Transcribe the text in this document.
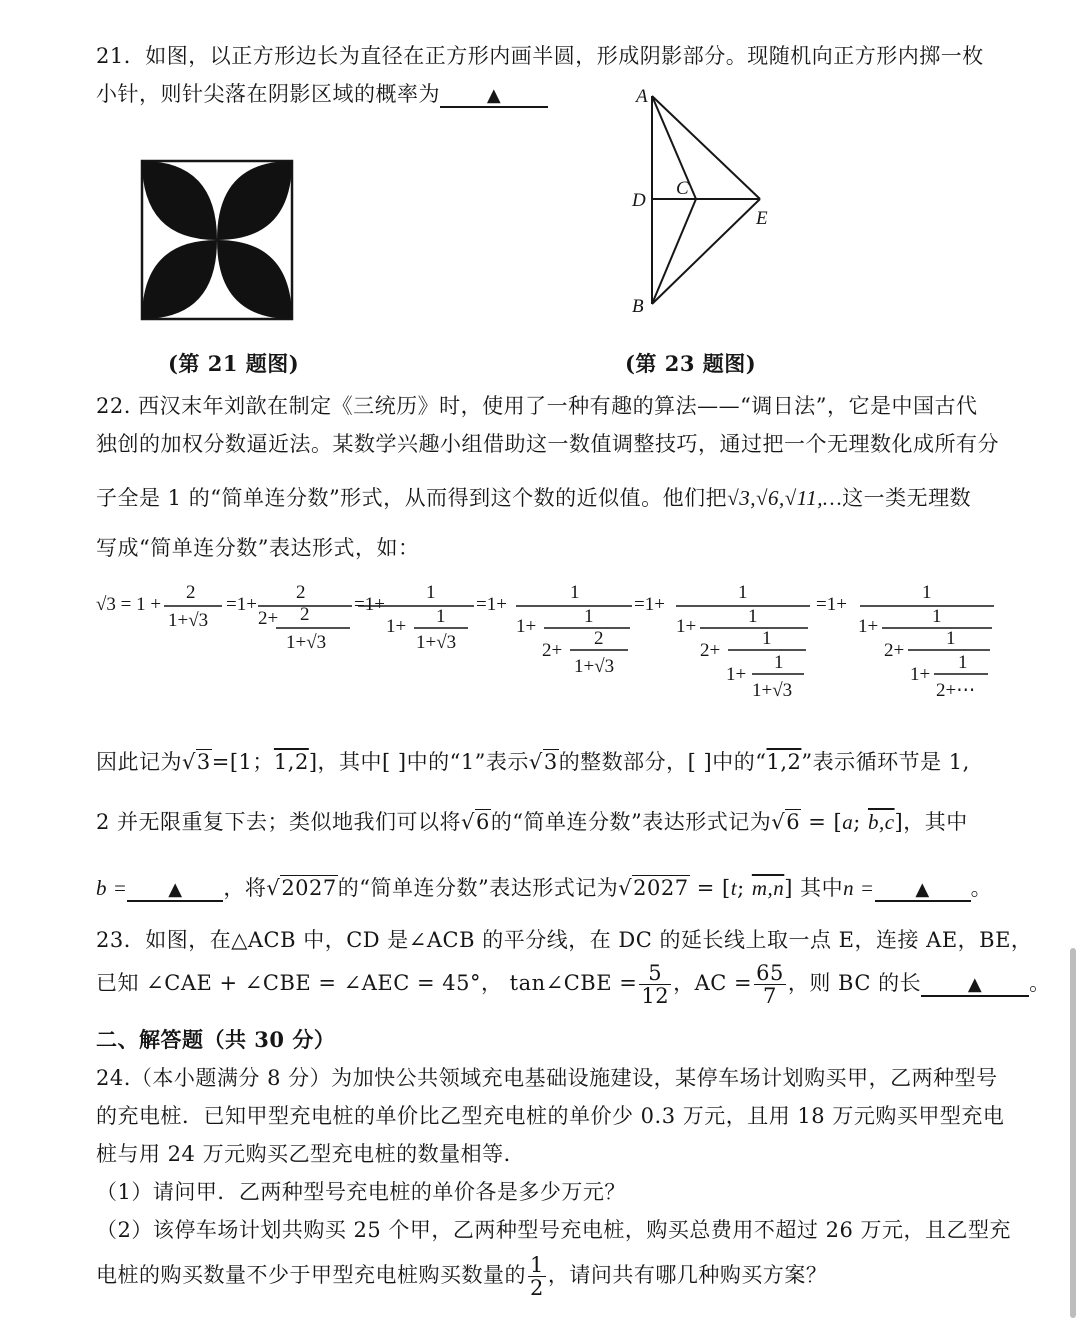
21．如图，以正方形边长为直径在正方形内画半圆，形成阴影部分。现随机向正方形内掷一枚
小针，则针尖落在阴影区域的概率为	▲
(第 21 题图)
A
D
C
E
B
(第 23 题图)
22. 西汉末年刘歆在制定《三统历》时，使用了一种有趣的算法——“调日法”，它是中国古代
独创的加权分数逼近法。某数学兴趣小组借助这一数值调整技巧，通过把一个无理数化成所有分
子全是 1 的“简单连分数”形式，从而得到这个数的近似值。他们把√3,√6,√11,…这一类无理数
写成“简单连分数”表达形式，如：
√3 = 1 +
2
1+√3
=1+
2
2+ 2
1+√3
=1+
1
1+ 1
1+√3
=1+
1
1+	1
2+
2
1+√3
=1+
1
1+	1
2+
1
1+
1
1+√3
=1+
1
1+	1
2+
1
1+
1
2+⋯
因此记为√3=[1；1,2]，其中[ ]中的“1”表示√3的整数部分，[ ]中的“1,2”表示循环节是 1,
2 并无限重复下去；类似地我们可以将√6的“简单连分数”表达形式记为√6 = [a; b,c]，其中
b = ▲ ，将√2027的“简单连分数”表达形式记为√2027 = [t; m,n] 其中n = ▲ 。
23．如图，在△ACB 中，CD 是∠ACB 的平分线，在 DC 的延长线上取一点 E，连接 AE，BE，
已知 ∠CAE + ∠CBE = ∠AEC = 45°， tan∠CBE = $\frac{5}{12}$ ，AC = $\frac{65}{7}$ ，则 BC 的长	▲ 。
二、解答题（共 30 分）
24.（本小题满分 8 分）为加快公共领域充电基础设施建设，某停车场计划购买甲，乙两种型号
的充电桩．已知甲型充电桩的单价比乙型充电桩的单价少 0.3 万元，且用 18 万元购买甲型充电
桩与用 24 万元购买乙型充电桩的数量相等．
（1）请问甲．乙两种型号充电桩的单价各是多少万元？
（2）该停车场计划共购买 25 个甲，乙两种型号充电桩，购买总费用不超过 26 万元，且乙型充
电桩的购买数量不少于甲型充电桩购买数量的 $\frac{1}{2}$ ，请问共有哪几种购买方案？
